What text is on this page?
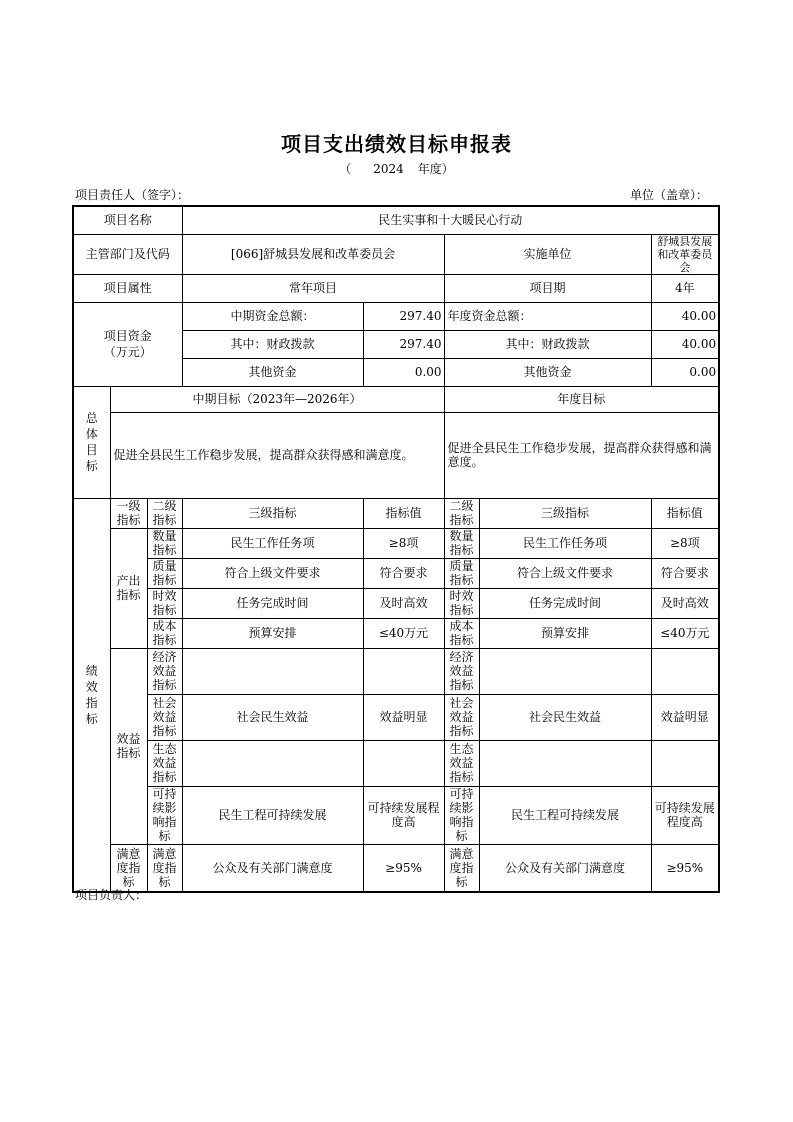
项目支出绩效目标申报表
（ 2024 年度）
项目责任人（签字）：	单位（盖章）：
项目名称			民生实事和十大暖民心行动				
主管部门及代码			[066]舒城县发展和改革委员会		实施单位		舒城县发展和改革委员会
项目属性			常年项目		项目期		4年
项目资金（万元）			中期资金总额：	297.40	年度资金总额：		40.00
			其中：财政拨款	297.40	其中：财政拨款		40.00
			其他资金	0.00	其他资金		0.00
总体目标	中期目标（2023年—2026年）				年度目标		
	促进全县民生工作稳步发展，提高群众获得感和满意度。				促进全县民生工作稳步发展，提高群众获得感和满意度。		
绩效指标	一级指标	二级指标	三级指标	指标值	二级指标	三级指标	指标值
	产出指标	数量指标	民生工作任务项	≥8项	数量指标	民生工作任务项	≥8项
		质量指标	符合上级文件要求	符合要求	质量指标	符合上级文件要求	符合要求
		时效指标	任务完成时间	及时高效	时效指标	任务完成时间	及时高效
		成本指标	预算安排	≤40万元	成本指标	预算安排	≤40万元
	效益指标	经济效益指标			经济效益指标		
		社会效益指标	社会民生效益	效益明显	社会效益指标	社会民生效益	效益明显
		生态效益指标			生态效益指标		
		可持续影响指标	民生工程可持续发展	可持续发展程度高	可持续影响指标	民生工程可持续发展	可持续发展程度高
	满意度指标	满意度指标	公众及有关部门满意度	≥95%	满意度指标	公众及有关部门满意度	≥95%
项目负责人：
